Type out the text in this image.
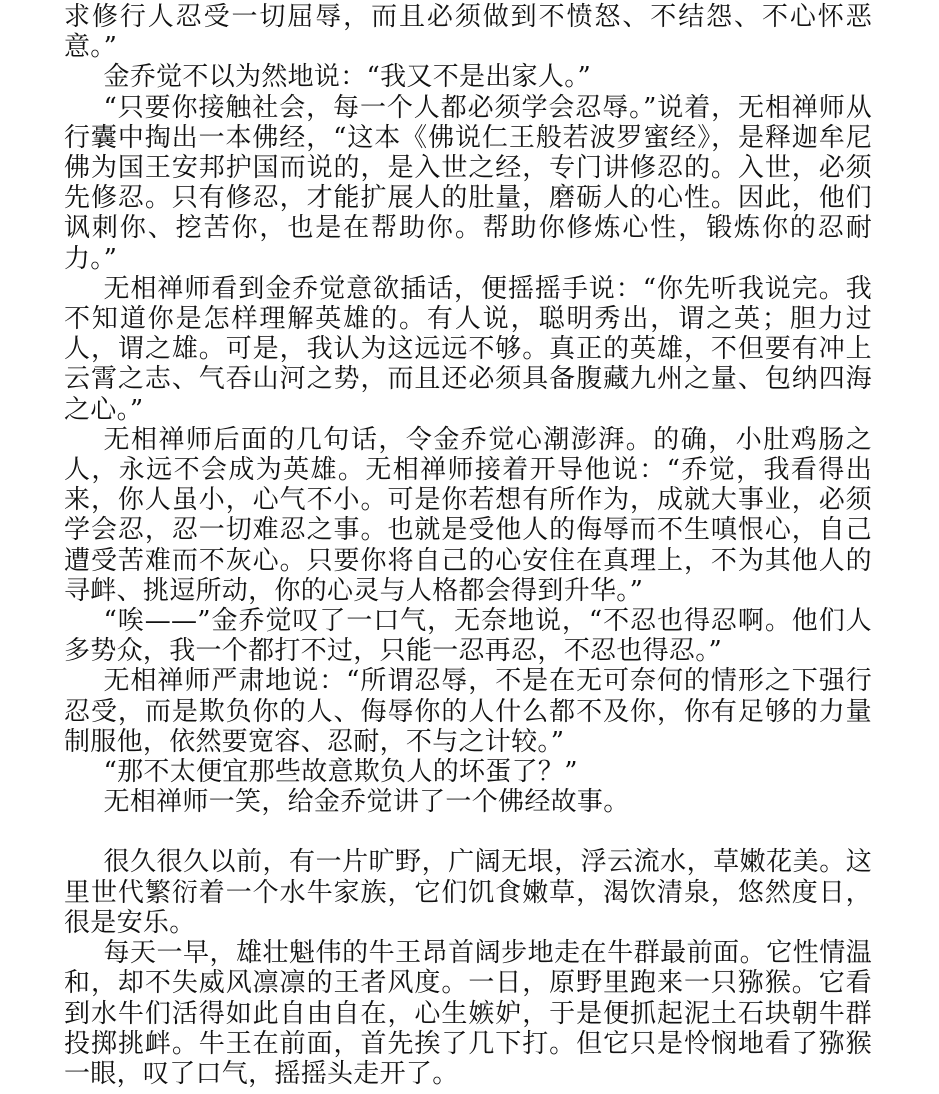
求修行人忍受一切屈辱，而且必须做到不愤怒、不结怨、不心怀恶意。”

金乔觉不以为然地说：“我又不是出家人。”

“只要你接触社会，每一个人都必须学会忍辱。”说着，无相禅师从行囊中掏出一本佛经，“这本《佛说仁王般若波罗蜜经》，是释迦牟尼佛为国王安邦护国而说的，是入世之经，专门讲修忍的。入世，必须先修忍。只有修忍，才能扩展人的肚量，磨砺人的心性。因此，他们讽刺你、挖苦你，也是在帮助你。帮助你修炼心性，锻炼你的忍耐力。”

无相禅师看到金乔觉意欲插话，便摇摇手说：“你先听我说完。我不知道你是怎样理解英雄的。有人说，聪明秀出，谓之英；胆力过人，谓之雄。可是，我认为这远远不够。真正的英雄，不但要有冲上云霄之志、气吞山河之势，而且还必须具备腹藏九州之量、包纳四海之心。”

无相禅师后面的几句话，令金乔觉心潮澎湃。的确，小肚鸡肠之人，永远不会成为英雄。无相禅师接着开导他说：“乔觉，我看得出来，你人虽小，心气不小。可是你若想有所作为，成就大事业，必须学会忍，忍一切难忍之事。也就是受他人的侮辱而不生嗔恨心，自己遭受苦难而不灰心。只要你将自己的心安住在真理上，不为其他人的寻衅、挑逗所动，你的心灵与人格都会得到升华。”

“唉——”金乔觉叹了一口气，无奈地说，“不忍也得忍啊。他们人多势众，我一个都打不过，只能一忍再忍，不忍也得忍。”

无相禅师严肃地说：“所谓忍辱，不是在无可奈何的情形之下强行忍受，而是欺负你的人、侮辱你的人什么都不及你，你有足够的力量制服他，依然要宽容、忍耐，不与之计较。”

“那不太便宜那些故意欺负人的坏蛋了？”

无相禅师一笑，给金乔觉讲了一个佛经故事。

很久很久以前，有一片旷野，广阔无垠，浮云流水，草嫩花美。这里世代繁衍着一个水牛家族，它们饥食嫩草，渴饮清泉，悠然度日，很是安乐。

每天一早，雄壮魁伟的牛王昂首阔步地走在牛群最前面。它性情温和，却不失威风凛凛的王者风度。一日，原野里跑来一只猕猴。它看到水牛们活得如此自由自在，心生嫉妒，于是便抓起泥土石块朝牛群投掷挑衅。牛王在前面，首先挨了几下打。但它只是怜悯地看了猕猴一眼，叹了口气，摇摇头走开了。
